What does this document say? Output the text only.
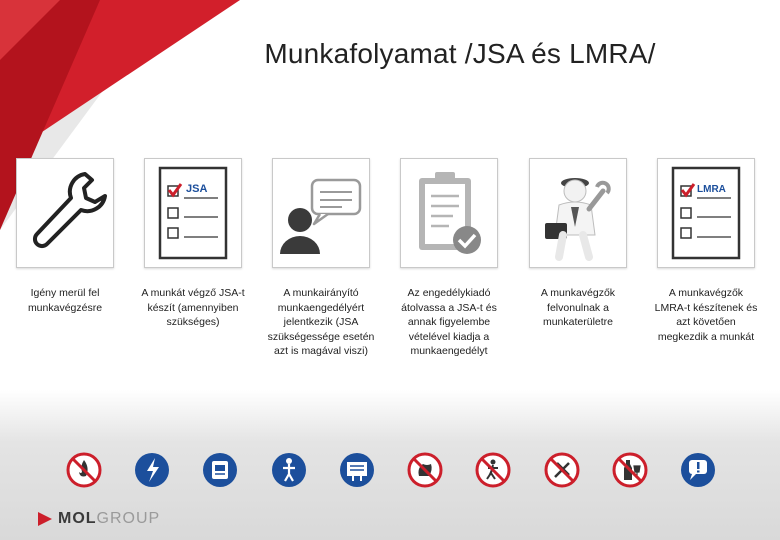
Munkafolyamat /JSA és LMRA/
Igény merül fel munkavégzésre
JSA
A munkát végző JSA-t készít (amennyiben szükséges)
A munkairányító munkaengedélyért jelentkezik (JSA szükségessége esetén azt is magával viszi)
Az engedélykiadó átolvassa a JSA-t és annak figyelembe vételével kiadja a munkaengedélyt
A munkavégzők felvonulnak a munkaterületre
LMRA
A munkavégzők LMRA-t készítenek és azt követően megkezdik a munkát
MOL GROUP
